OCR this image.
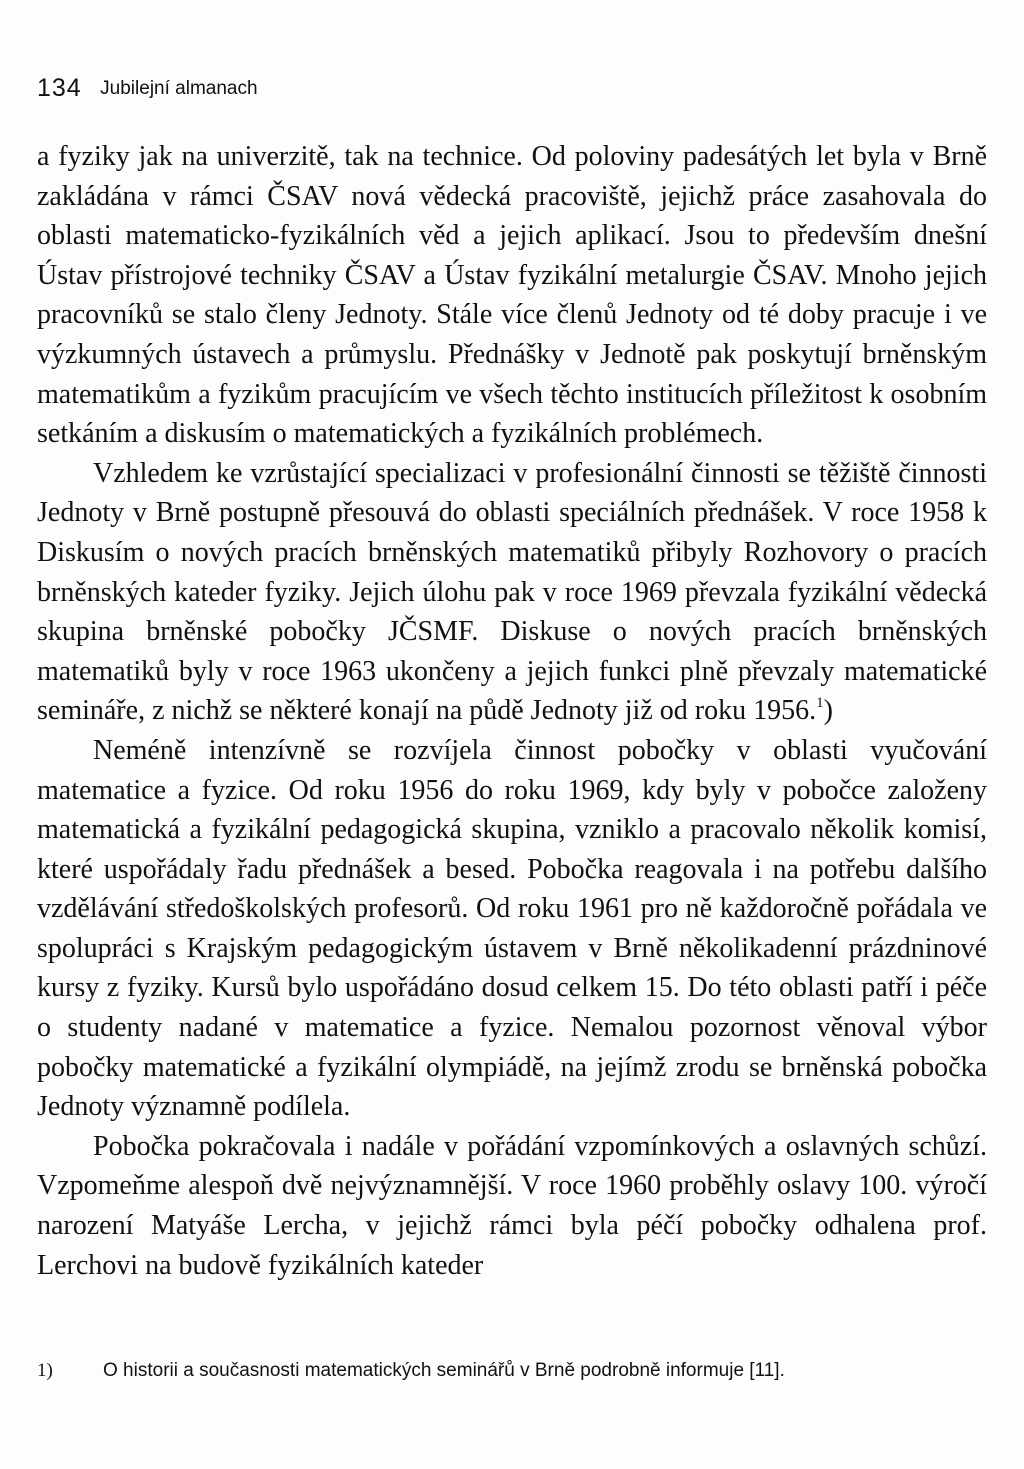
134 Jubilejní almanach

a fyziky jak na univerzitě, tak na technice. Od poloviny padesátých let byla v Brně zakládána v rámci ČSAV nová vědecká pracoviště, jejichž práce zasahovala do oblasti matematicko-fyzikálních věd a jejich aplikací. Jsou to především dnešní Ústav přístrojové techniky ČSAV a Ústav fyzikální metalurgie ČSAV. Mnoho jejich pracovníků se stalo členy Jednoty. Stále více členů Jednoty od té doby pracuje i ve výzkumných ústavech a průmyslu. Přednášky v Jednotě pak poskytují brněnským matematikům a fyzikům pracujícím ve všech těchto institucích příležitost k osobním setkáním a diskusím o matematických a fyzikálních problémech.

Vzhledem ke vzrůstající specializaci v profesionální činnosti se těžiště činnosti Jednoty v Brně postupně přesouvá do oblasti speciálních přednášek. V roce 1958 k Diskusím o nových pracích brněnských matematiků přibyly Rozhovory o pracích brněnských kateder fyziky. Jejich úlohu pak v roce 1969 převzala fyzikální vědecká skupina brněnské pobočky JČSMF. Diskuse o nových pracích brněnských matematiků byly v roce 1963 ukončeny a jejich funkci plně převzaly matematické semináře, z nichž se některé konají na půdě Jednoty již od roku 1956.$^1$)

Neméně intenzívně se rozvíjela činnost pobočky v oblasti vyučování matematice a fyzice. Od roku 1956 do roku 1969, kdy byly v pobočce založeny matematická a fyzikální pedagogická skupina, vzniklo a pracovalo několik komisí, které uspořádaly řadu přednášek a besed. Pobočka reagovala i na potřebu dalšího vzdělávání středoškolských profesorů. Od roku 1961 pro ně každoročně pořádala ve spolupráci s Krajským pedagogickým ústavem v Brně několikadenní prázdninové kursy z fyziky. Kursů bylo uspořádáno dosud celkem 15. Do této oblasti patří i péče o studenty nadané v matematice a fyzice. Nemalou pozornost věnoval výbor pobočky matematické a fyzikální olympiádě, na jejímž zrodu se brněnská pobočka Jednoty významně podílela.

Pobočka pokračovala i nadále v pořádání vzpomínkových a oslavných schůzí. Vzpomeňme alespoň dvě nejvýznamnější. V roce 1960 proběhly oslavy 100. výročí narození Matyáše Lercha, v jejichž rámci byla péčí pobočky odhalena prof. Lerchovi na budově fyzikálních kateder

1)	O historii a současnosti matematických seminářů v Brně podrobně informuje [11].
